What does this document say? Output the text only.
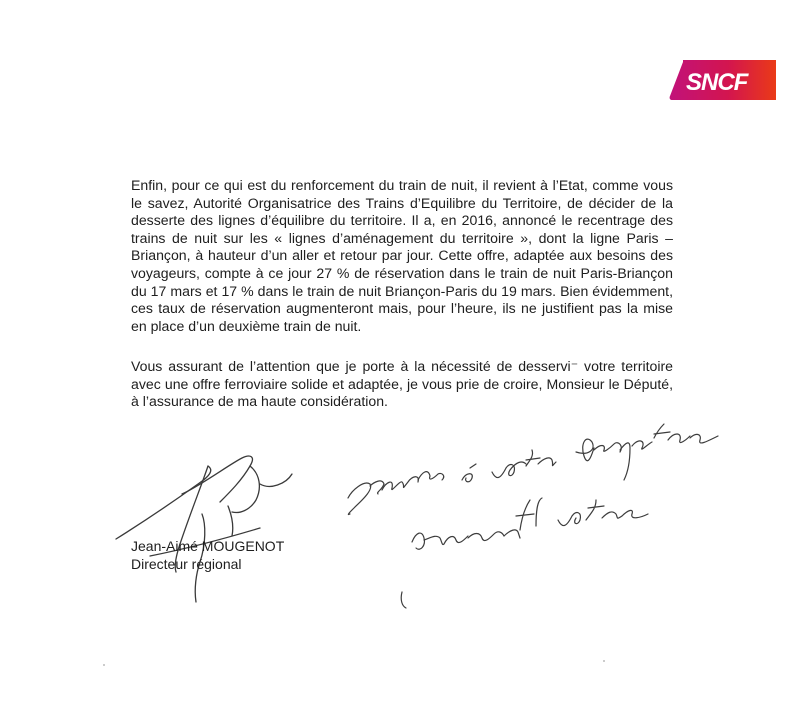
SNCF

Enfin, pour ce qui est du renforcement du train de nuit, il revient à l’Etat, comme vous le savez, Autorité Organisatrice des Trains d’Equilibre du Territoire, de décider de la desserte des lignes d’équilibre du territoire. Il a, en 2016, annoncé le recentrage des trains de nuit sur les « lignes d’aménagement du territoire », dont la ligne Paris – Briançon, à hauteur d’un aller et retour par jour. Cette offre, adaptée aux besoins des voyageurs, compte à ce jour 27 % de réservation dans le train de nuit Paris-Briançon du 17 mars et 17 % dans le train de nuit Briançon-Paris du 19 mars. Bien évidemment, ces taux de réservation augmenteront mais, pour l’heure, ils ne justifient pas la mise en place d’un deuxième train de nuit.

Vous assurant de l’attention que je porte à la nécessité de desservi⁻ votre territoire avec une offre ferroviaire solide et adaptée, je vous prie de croire, Monsieur le Député, à l’assurance de ma haute considération.

Jean-Aimé MOUGENOT
Directeur régional
